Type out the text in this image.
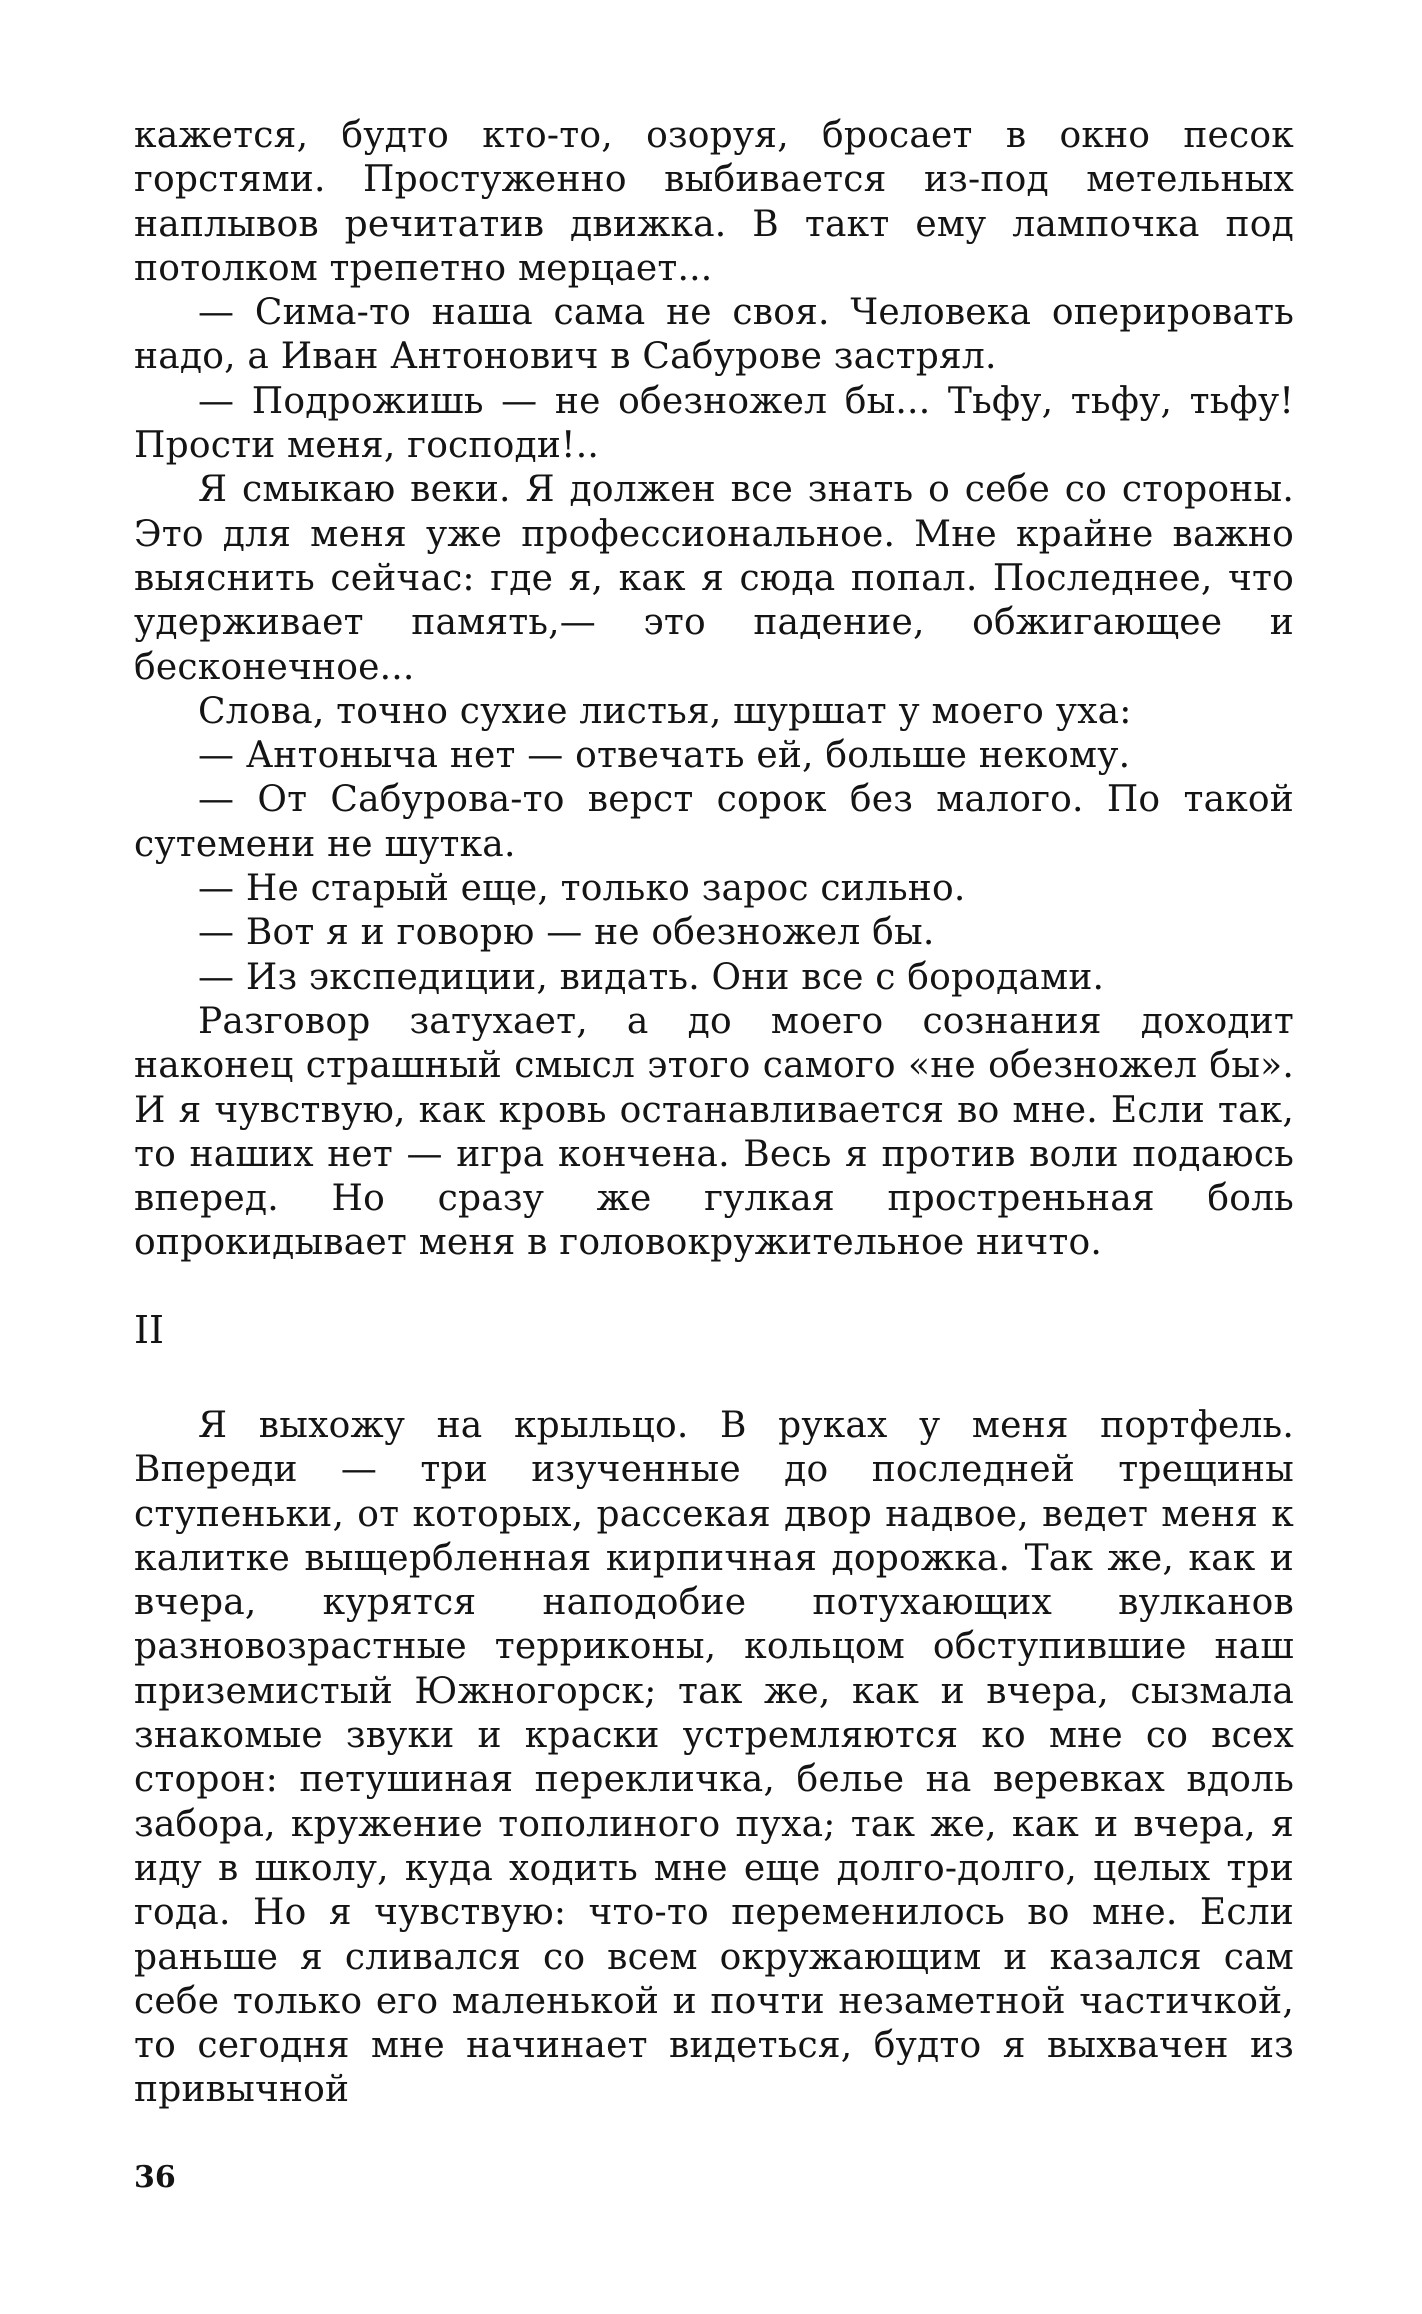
кажется, будто кто-то, озоруя, бросает в окно песок горстями. Простуженно выбивается из-под метельных наплывов речитатив движка. В такт ему лампочка под потолком трепетно мерцает...

— Сима-то наша сама не своя. Человека оперировать надо, а Иван Антонович в Сабурове застрял.

— Подрожишь — не обезножел бы... Тьфу, тьфу, тьфу! Прости меня, господи!..

Я смыкаю веки. Я должен все знать о себе со стороны. Это для меня уже профессиональное. Мне крайне важно выяснить сейчас: где я, как я сюда попал. Последнее, что удерживает память,— это падение, обжигающее и бесконечное...

Слова, точно сухие листья, шуршат у моего уха:

— Антоныча нет — отвечать ей, больше некому.

— От Сабурова-то верст сорок без малого. По такой сутемени не шутка.

— Не старый еще, только зарос сильно.

— Вот я и говорю — не обезножел бы.

— Из экспедиции, видать. Они все с бородами.

Разговор затухает, а до моего сознания доходит наконец страшный смысл этого самого «не обезножел бы». И я чувствую, как кровь останавливается во мне. Если так, то наших нет — игра кончена. Весь я против воли подаюсь вперед. Но сразу же гулкая простреньная боль опрокидывает меня в головокружительное ничто.

II

Я выхожу на крыльцо. В руках у меня портфель. Впереди — три изученные до последней трещины ступеньки, от которых, рассекая двор надвое, ведет меня к калитке выщербленная кирпичная дорожка. Так же, как и вчера, курятся наподобие потухающих вулканов разновозрастные терриконы, кольцом обступившие наш приземистый Южногорск; так же, как и вчера, сызмала знакомые звуки и краски устремляются ко мне со всех сторон: петушиная перекличка, белье на веревках вдоль забора, кружение тополиного пуха; так же, как и вчера, я иду в школу, куда ходить мне еще долго-долго, целых три года. Но я чувствую: что-то переменилось во мне. Если раньше я сливался со всем окружающим и казался сам себе только его маленькой и почти незаметной частичкой, то сегодня мне начинает видеться, будто я выхвачен из привычной

36
